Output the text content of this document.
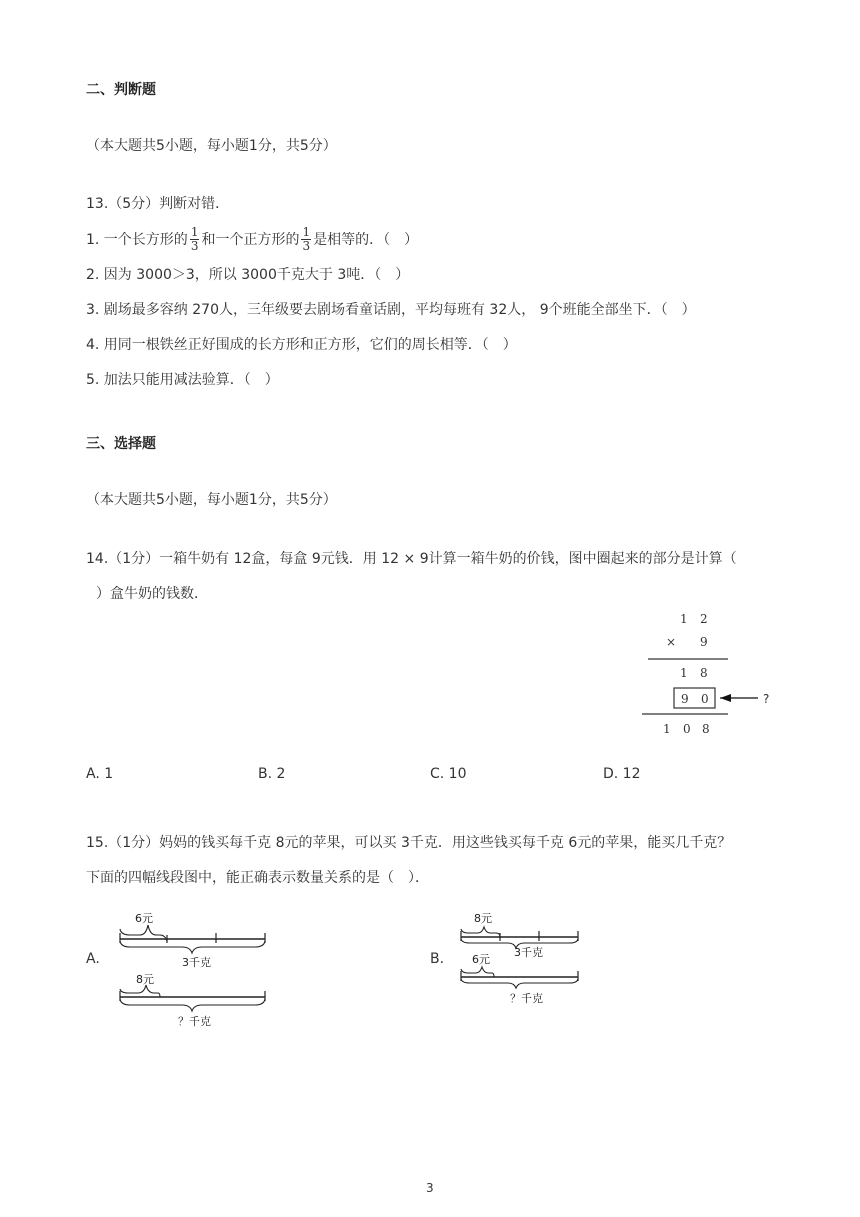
二、判断题
（本大题共5小题，每小题1分，共5分）
13.（5分）判断对错．
1. 一个长方形的 $\frac{1}{3}$ 和一个正方形的 $\frac{1}{3}$ 是相等的．（　）
2. 因为 3000＞3，所以 3000千克大于 3吨．（　）
3. 剧场最多容纳 270人，三年级要去剧场看童话剧，平均每班有 32人， 9个班能全部坐下．（　）
4. 用同一根铁丝正好围成的长方形和正方形，它们的周长相等．（　）
5. 加法只能用减法验算．（　）
三、选择题
（本大题共5小题，每小题1分，共5分）
14.（1分）一箱牛奶有 12盒，每盒 9元钱．用 12 × 9计算一箱牛奶的价钱，图中圈起来的部分是计算（
）盒牛奶的钱数．
1 2
× 9
1 8
9 0	?
1 0 8
A. 1	B. 2	C. 10	D. 12
15.（1分）妈妈的钱买每千克 8元的苹果，可以买 3千克．用这些钱买每千克 6元的苹果，能买几千克？
下面的四幅线段图中，能正确表示数量关系的是（　）．
A.
6元
3千克
8元
？千克
B.
8元
3千克
6元
？千克
3
